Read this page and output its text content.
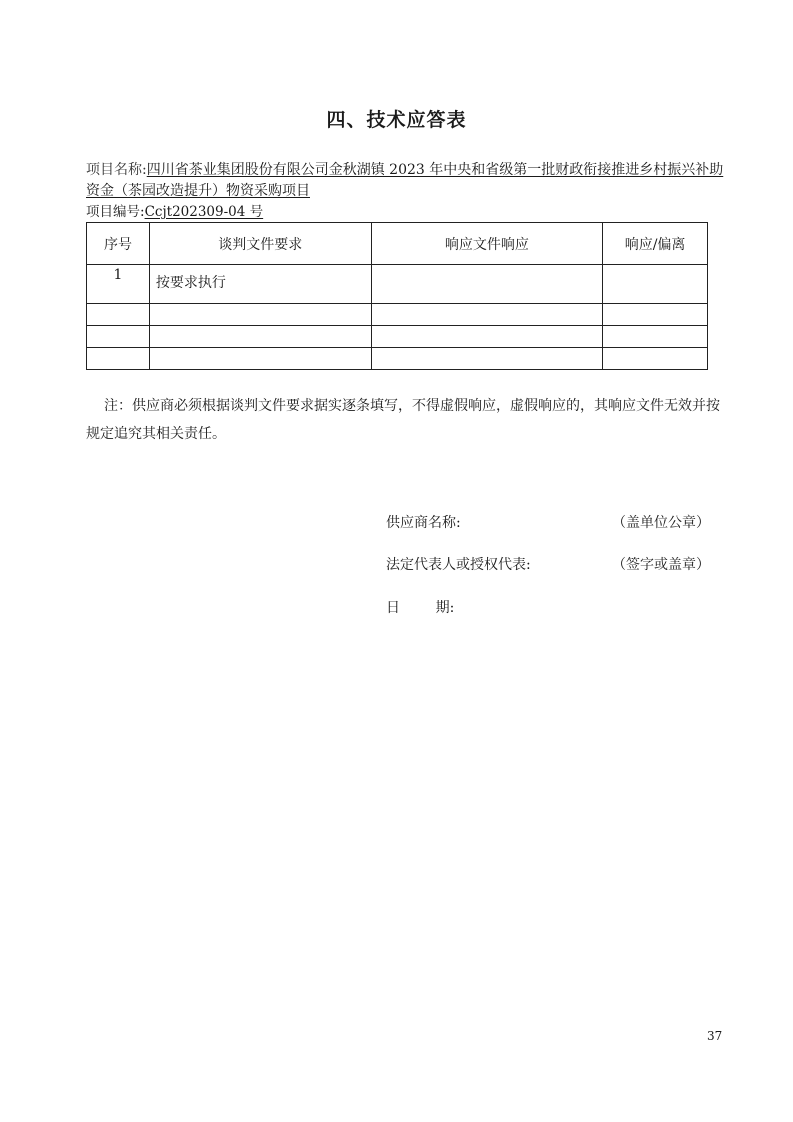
四、技术应答表
项目名称:四川省茶业集团股份有限公司金秋湖镇 2023 年中央和省级第一批财政衔接推进乡村振兴补助资金（茶园改造提升）物资采购项目
项目编号:Ccjt202309-04 号
序号	谈判文件要求	响应文件响应	响应/偏离
1	按要求执行		

注：供应商必须根据谈判文件要求据实逐条填写，不得虚假响应，虚假响应的，其响应文件无效并按规定追究其相关责任。
供应商名称:	（盖单位公章）
法定代表人或授权代表:	（签字或盖章）
日        期:
37
